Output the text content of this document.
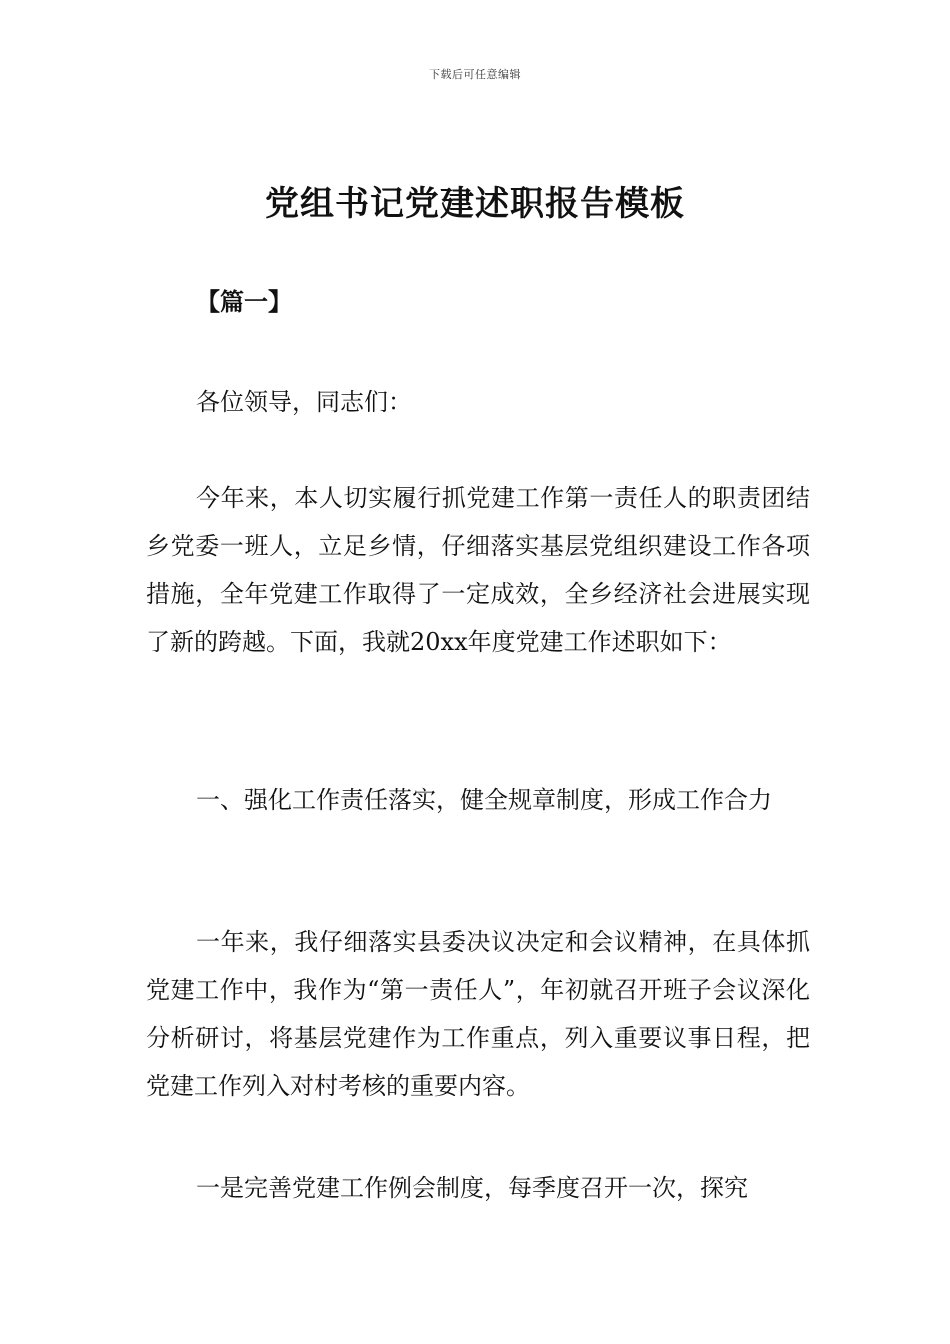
下载后可任意编辑
党组书记党建述职报告模板
【篇一】
各位领导，同志们：
今年来，本人切实履行抓党建工作第一责任人的职责团结乡党委一班人，立足乡情，仔细落实基层党组织建设工作各项措施，全年党建工作取得了一定成效，全乡经济社会进展实现了新的跨越。下面，我就20xx年度党建工作述职如下：
一、强化工作责任落实，健全规章制度，形成工作合力
一年来，我仔细落实县委决议决定和会议精神，在具体抓党建工作中，我作为“第一责任人”，年初就召开班子会议深化分析研讨，将基层党建作为工作重点，列入重要议事日程，把党建工作列入对村考核的重要内容。
一是完善党建工作例会制度，每季度召开一次，探究
